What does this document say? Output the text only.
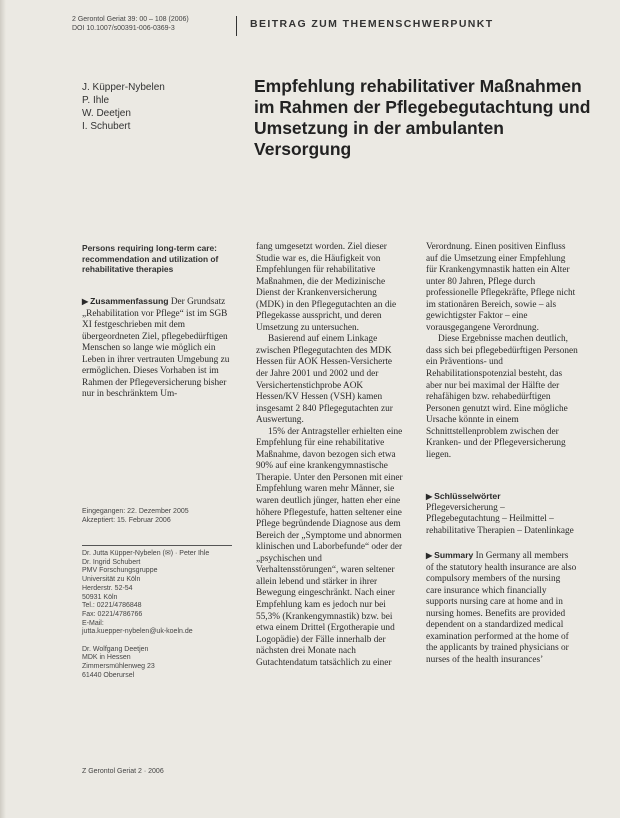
2 Gerontol Geriat 39: 00 – 108 (2006)
DOI 10.1007/s00391-006-0369-3	BEITRAG ZUM THEMENSCHWERPUNKT
J. Küpper-Nybelen
P. Ihle
W. Deetjen
I. Schubert
Empfehlung rehabilitativer Maßnahmen im Rahmen der Pflegebegutachtung und Umsetzung in der ambulanten Versorgung
Persons requiring long-term care: recommendation and utilization of rehabilitative therapies

▶ Zusammenfassung Der Grundsatz „Rehabilitation vor Pflege“ ist im SGB XI festgeschrieben mit dem übergeordneten Ziel, pflegebedürftigen Menschen so lange wie möglich ein Leben in ihrer vertrauten Umgebung zu ermöglichen. Dieses Vorhaben ist im Rahmen der Pflegeversicherung bisher nur in beschränktem Um-

Eingegangen: 22. Dezember 2005
Akzeptiert: 15. Februar 2006
Dr. Jutta Küpper-Nybelen (✉) · Peter Ihle
Dr. Ingrid Schubert
PMV Forschungsgruppe
Universität zu Köln
Herderstr. 52-54
50931 Köln
Tel.: 0221/4786848
Fax: 0221/4786766
E-Mail:
jutta.kuepper-nybelen@uk-koeln.de
Dr. Wolfgang Deetjen
MDK in Hessen
Zimmersmühlenweg 23
61440 Oberursel

fang umgesetzt worden. Ziel dieser Studie war es, die Häufigkeit von Empfehlungen für rehabilitative Maßnahmen, die der Medizinische Dienst der Krankenversicherung (MDK) in den Pflegegutachten an die Pflegekasse ausspricht, und deren Umsetzung zu untersuchen.

Basierend auf einem Linkage zwischen Pflegegutachten des MDK Hessen für AOK Hessen-Versicherte der Jahre 2001 und 2002 und der Versichertenstichprobe AOK Hessen/KV Hessen (VSH) kamen insgesamt 2 840 Pflegegutachten zur Auswertung.

15% der Antragsteller erhielten eine Empfehlung für eine rehabilitative Maßnahme, davon bezogen sich etwa 90% auf eine krankengymnastische Therapie. Unter den Personen mit einer Empfehlung waren mehr Männer, sie waren deutlich jünger, hatten eher eine höhere Pflegestufe, hatten seltener eine Pflege begründende Diagnose aus dem Bereich der „Symptome und abnormen klinischen und Laborbefunde“ oder der „psychischen und Verhaltensstörungen“, waren seltener allein lebend und stärker in ihrer Bewegung eingeschränkt. Nach einer Empfehlung kam es jedoch nur bei 55,3% (Krankengymnastik) bzw. bei etwa einem Drittel (Ergotherapie und Logopädie) der Fälle innerhalb der nächsten drei Monate nach Gutachtendatum tatsächlich zu einer

Verordnung. Einen positiven Einfluss auf die Umsetzung einer Empfehlung für Krankengymnastik hatten ein Alter unter 80 Jahren, Pflege durch professionelle Pflegekräfte, Pflege nicht im stationären Bereich, sowie – als gewichtigster Faktor – eine vorausgegangene Verordnung.

Diese Ergebnisse machen deutlich, dass sich bei pflegebedürftigen Personen ein Präventions- und Rehabilitationspotenzial besteht, das aber nur bei maximal der Hälfte der rehafähigen bzw. rehabedürftigen Personen genutzt wird. Eine mögliche Ursache könnte in einem Schnittstellenproblem zwischen der Kranken- und der Pflegeversicherung liegen.

▶ Schlüsselwörter
Pflegeversicherung – Pflegebegutachtung – Heilmittel – rehabilitative Therapien – Datenlinkage

▶ Summary In Germany all members of the statutory health insurance are also compulsory members of the nursing care insurance which financially supports nursing care at home and in nursing homes. Benefits are provided dependent on a standardized medical examination performed at the home of the applicants by trained physicians or nurses of the health insurances’

Z Gerontol Geriat 2 · 2006
